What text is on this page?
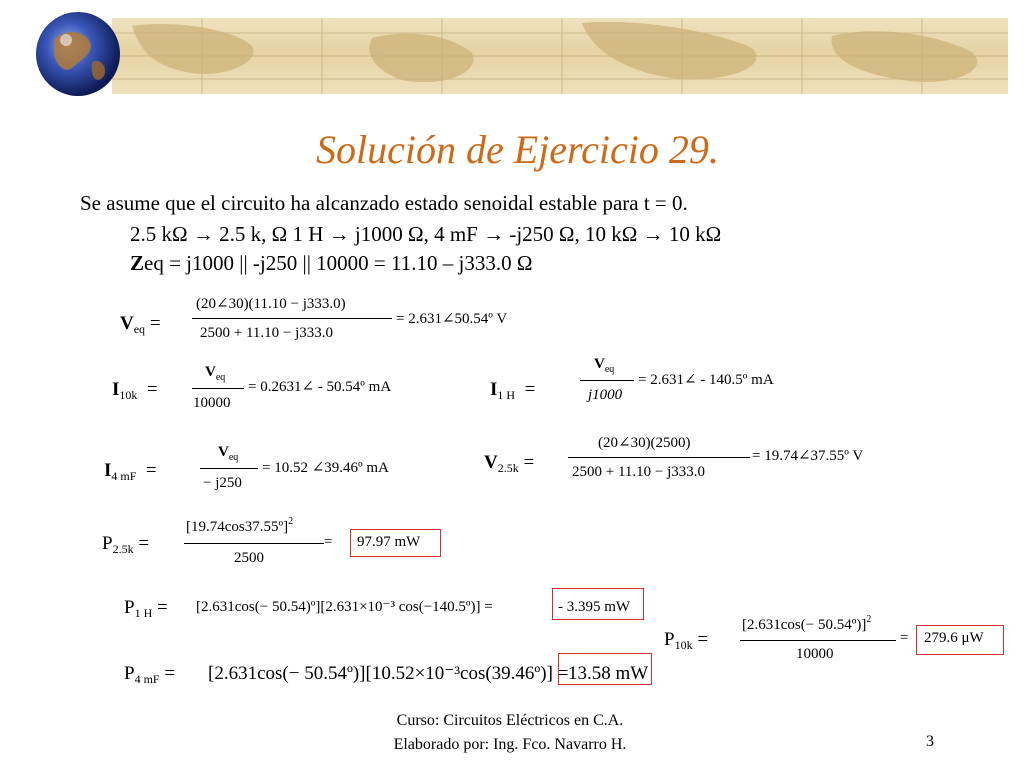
Solución de Ejercicio 29.
Se asume que el circuito ha alcanzado estado senoidal estable para t = 0.
2.5 kΩ → 2.5 k, Ω 1 H → j1000 Ω, 4 mF → -j250 Ω, 10 kΩ → 10 kΩ
Zeq = j1000 || -j250 || 10000 = 11.10 – j333.0 Ω
$V_{eq}$ =
(20∠30)(11.10 − j333.0)
2500 + 11.10 − j333.0
= 2.631∠50.54º V
$I_{10k}$ =
$V_{eq}$
10000
= 0.2631∠ - 50.54º mA	$I_{1 H}$ =
$V_{eq}$
j1000
= 2.631∠ - 140.5º mA
$I_{4 mF}$ =
$V_{eq}$
− j250
= 10.52 ∠39.46º mA	$V_{2.5k}$ =
(20∠30)(2500)
2500 + 11.10 − j333.0
= 19.74∠37.55º V
$P_{2.5k}$ =
[19.74cos37.55º]$^2$
2500
= 97.97 mW
$P_{1 H} = [2.631\cos(-$ 50.54)º][2.631×10⁻³ cos(−140.5º)] =	- 3.395 mW
$P_{10k}$ =
[2.631cos(− 50.54º)]$^2$
10000
= 279.6 μW
$P_{4 mF} = [2.631\cos(-$ 50.54º)][10.52×10⁻³cos(39.46º)] = 13.58 mW
Curso: Circuitos Eléctricos en C.A.
Elaborado por: Ing. Fco. Navarro H.	3
